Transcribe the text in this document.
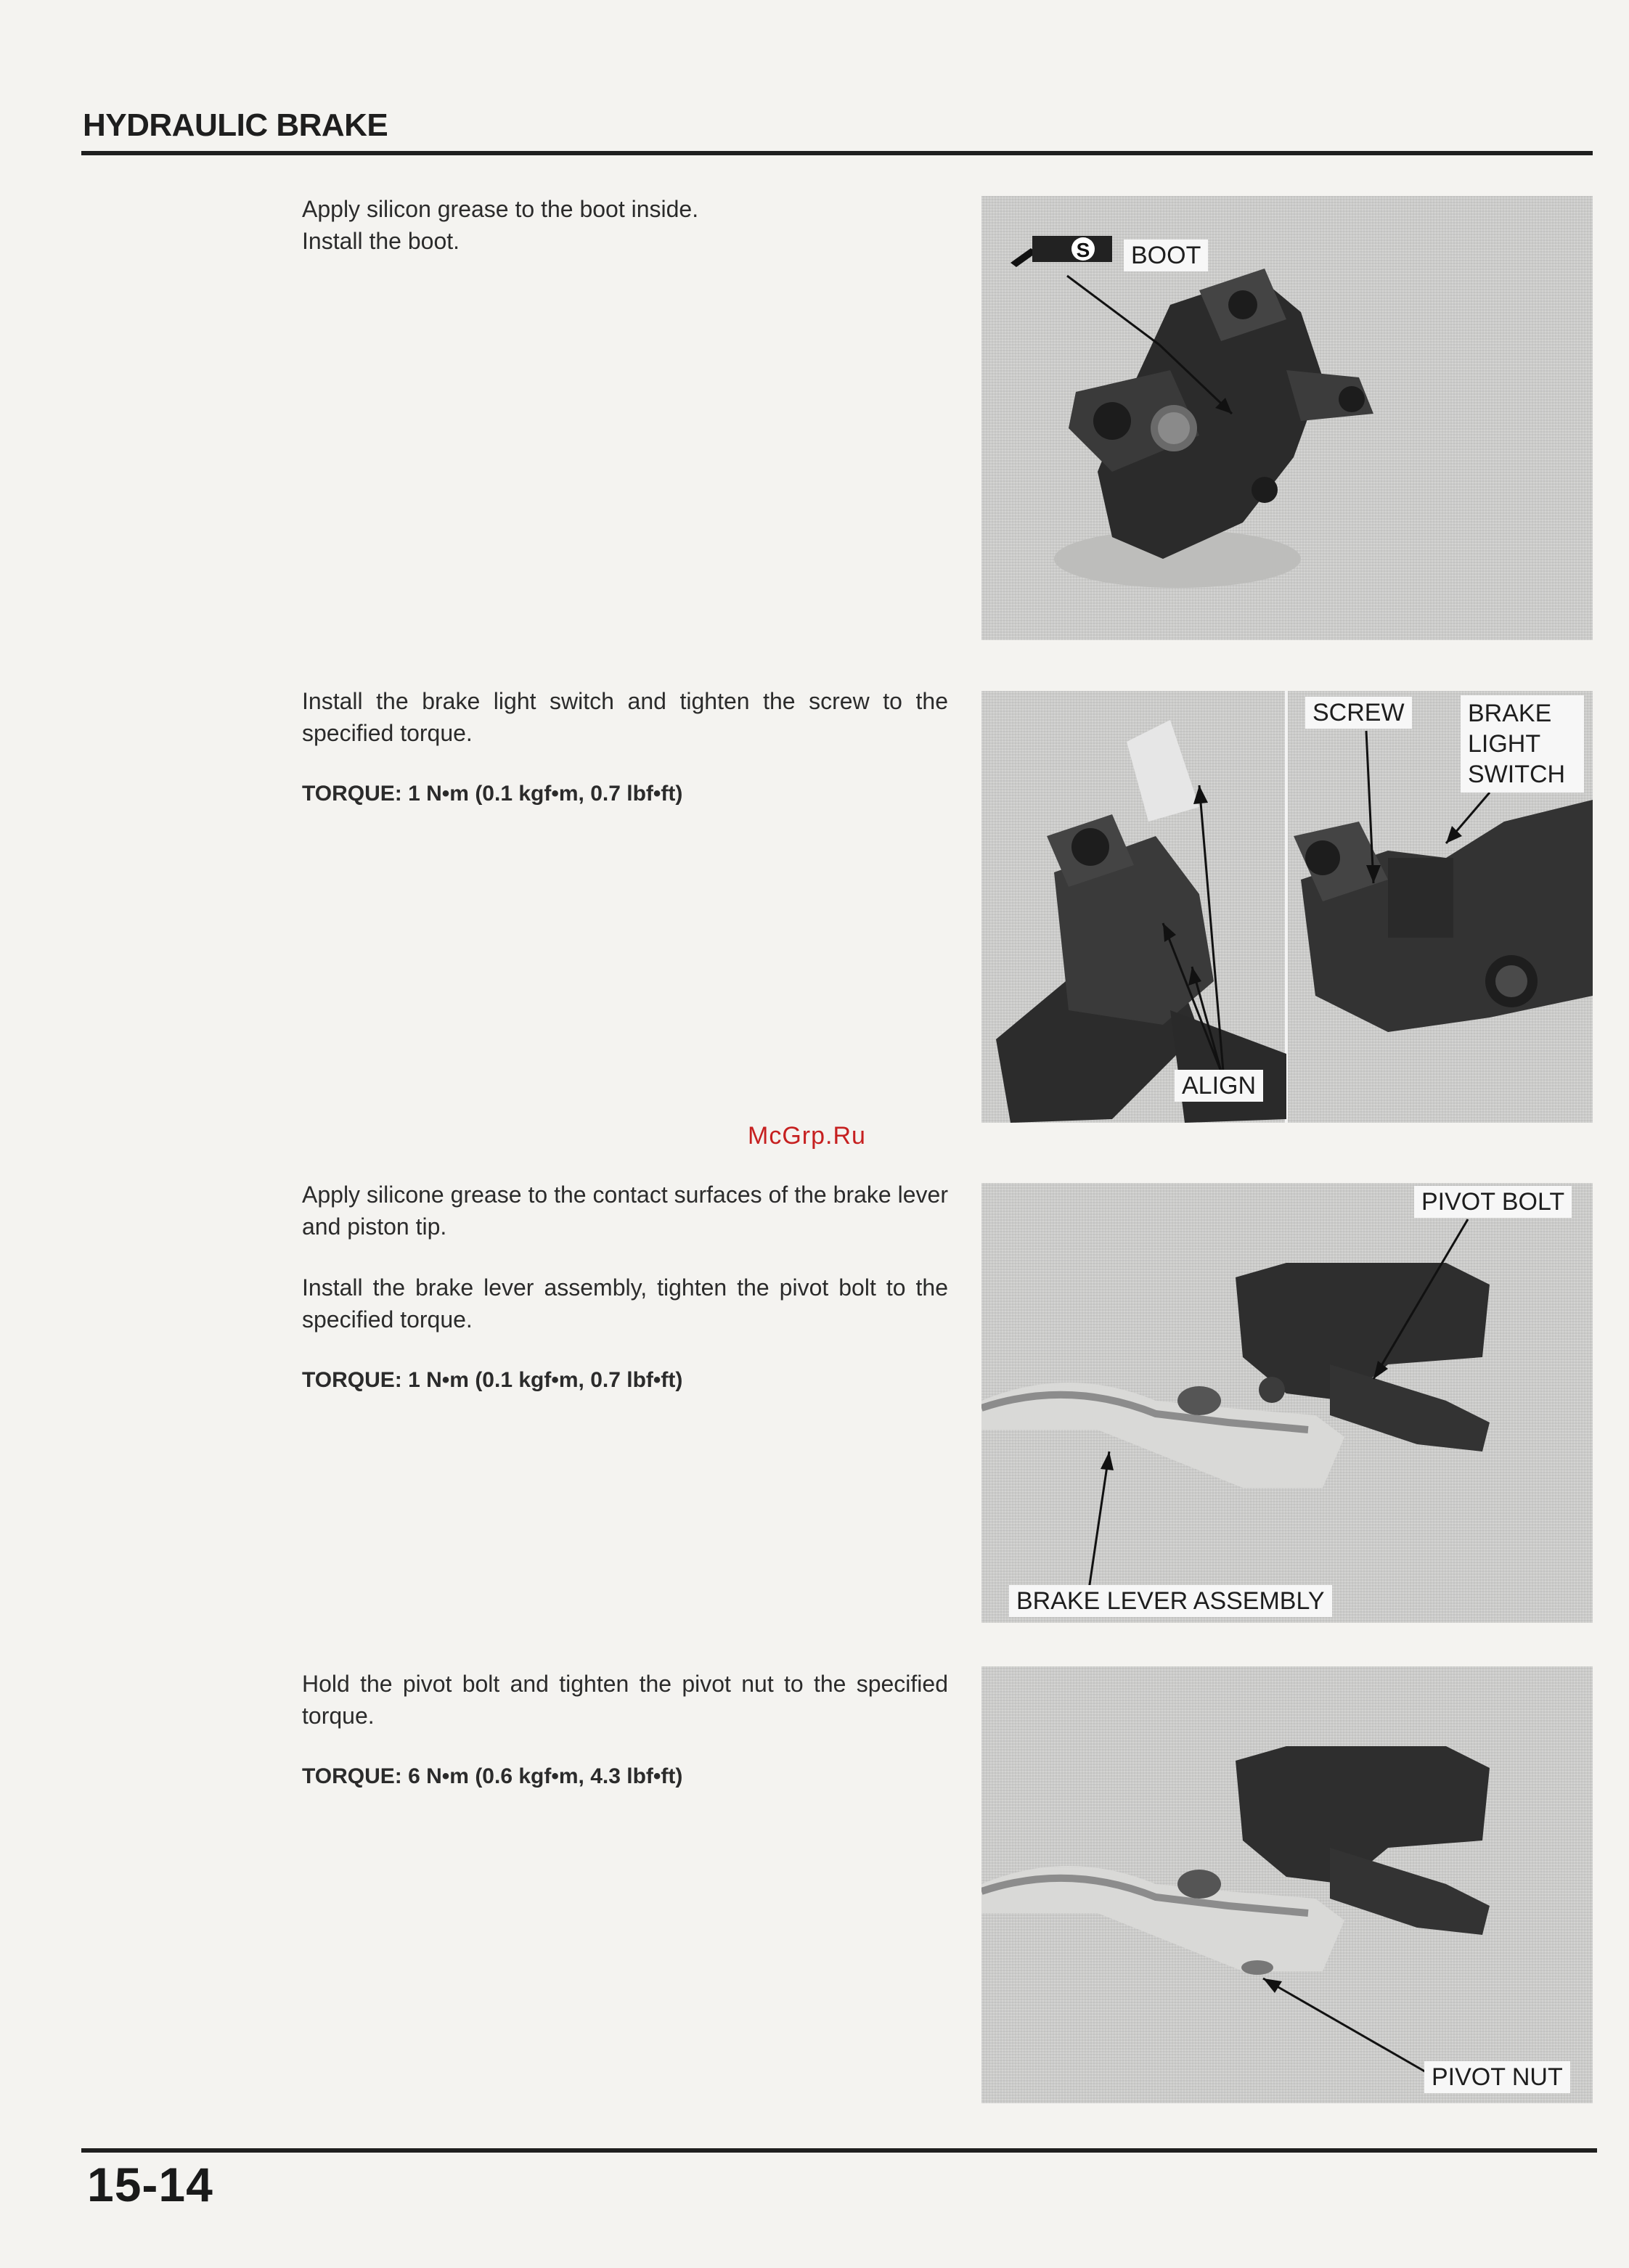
HYDRAULIC BRAKE

Apply silicon grease to the boot inside.

Install the boot.	S BOOT

Install the brake light switch and tighten the screw to the specified torque.

TORQUE: 1 N•m (0.1 kgf•m, 0.7 lbf•ft)

SCREW	BRAKE LIGHT SWITCH
ALIGN
McGrp.Ru

Apply silicone grease to the contact surfaces of the brake lever and piston tip.

Install the brake lever assembly, tighten the pivot bolt to the specified torque.

TORQUE: 1 N•m (0.1 kgf•m, 0.7 lbf•ft)

PIVOT BOLT
BRAKE LEVER ASSEMBLY

Hold the pivot bolt and tighten the pivot nut to the specified torque.

TORQUE: 6 N•m (0.6 kgf•m, 4.3 lbf•ft)

PIVOT NUT
15-14
